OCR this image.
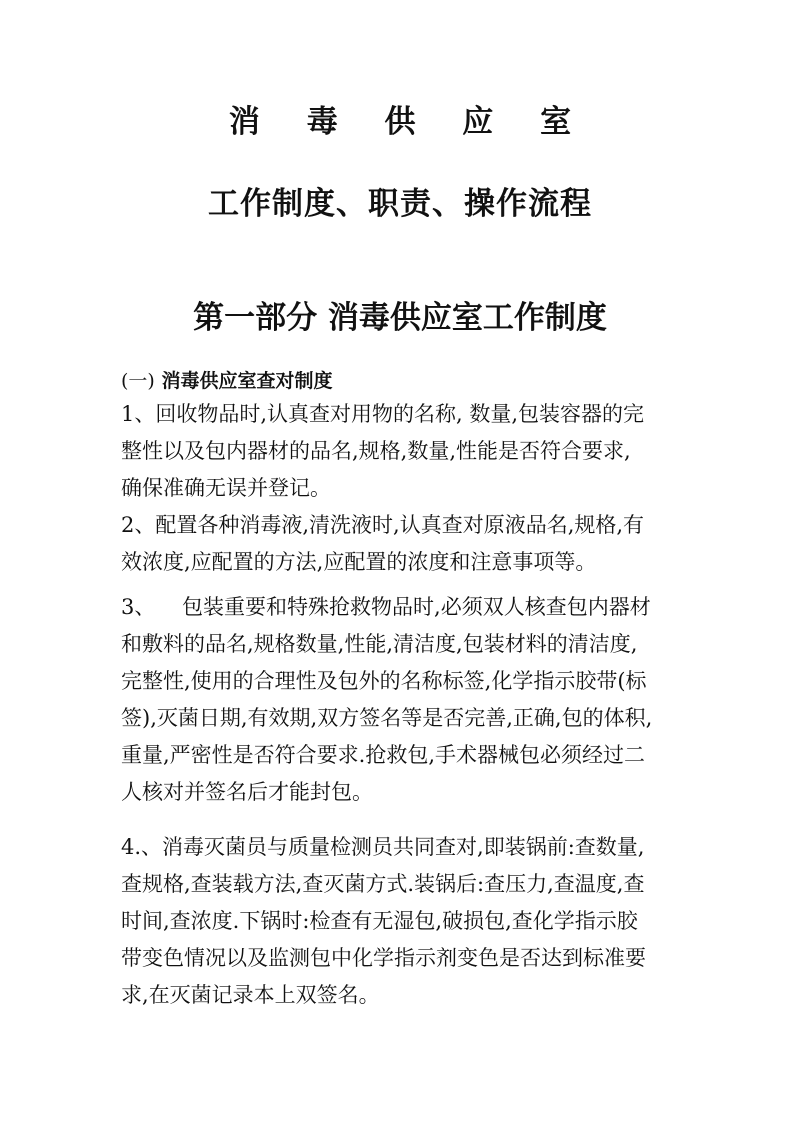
消 毒 供 应 室
工作制度、职责、操作流程
第一部分 消毒供应室工作制度
(一) 消毒供应室查对制度
1、回收物品时,认真查对用物的名称, 数量,包装容器的完
整性以及包内器材的品名,规格,数量,性能是否符合要求,
确保准确无误并登记。
2、配置各种消毒液,清洗液时,认真查对原液品名,规格,有
效浓度,应配置的方法,应配置的浓度和注意事项等。
3、    包装重要和特殊抢救物品时,必须双人核查包内器材
和敷料的品名,规格数量,性能,清洁度,包装材料的清洁度,
完整性,使用的合理性及包外的名称标签,化学指示胶带(标
签),灭菌日期,有效期,双方签名等是否完善,正确,包的体积,
重量,严密性是否符合要求.抢救包,手术器械包必须经过二
人核对并签名后才能封包。
4.、消毒灭菌员与质量检测员共同查对,即装锅前:查数量,
查规格,查装载方法,查灭菌方式.装锅后:查压力,查温度,查
时间,查浓度.下锅时:检查有无湿包,破损包,查化学指示胶
带变色情况以及监测包中化学指示剂变色是否达到标准要
求,在灭菌记录本上双签名。
